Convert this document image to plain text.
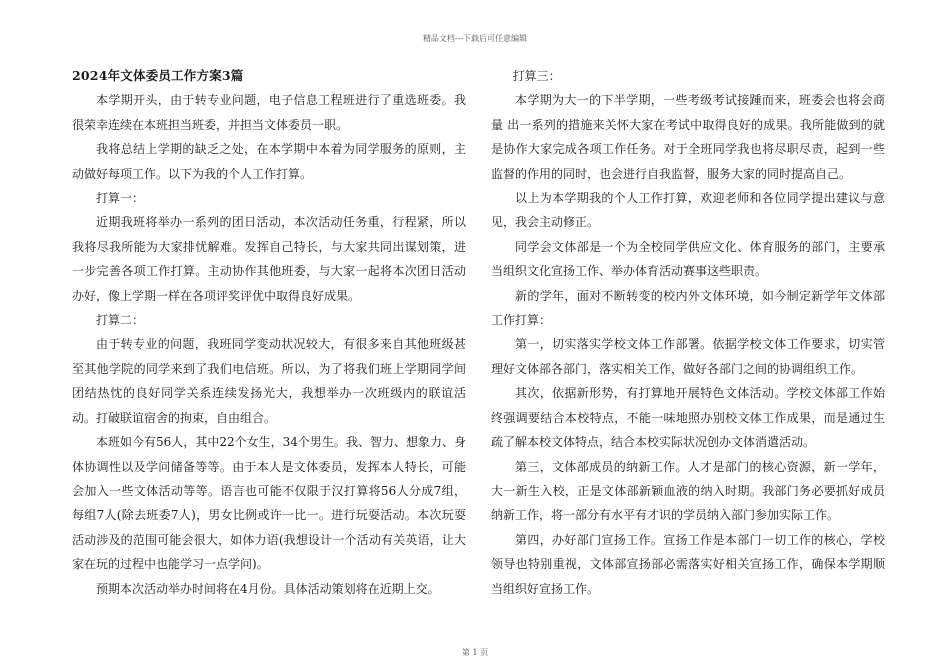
精品文档---下载后可任意编辑
2024年文体委员工作方案3篇

本学期开头，由于转专业问题，电子信息工程班进行了重选班委。我很荣幸连续在本班担当班委，并担当文体委员一职。

我将总结上学期的缺乏之处，在本学期中本着为同学服务的原则，主动做好每项工作。以下为我的个人工作打算。

打算一：

近期我班将举办一系列的团日活动，本次活动任务重，行程紧，所以我将尽我所能为大家排忧解难。发挥自己特长，与大家共同出谋划策，进一步完善各项工作打算。主动协作其他班委，与大家一起将本次团日活动办好，像上学期一样在各项评奖评优中取得良好成果。

打算二：

由于转专业的问题，我班同学变动状况较大，有很多来自其他班级甚至其他学院的同学来到了我们电信班。所以，为了将我们班上学期同学间团结热忱的良好同学关系连续发扬光大，我想举办一次班级内的联谊活动。打破联谊宿舍的拘束，自由组合。

本班如今有56人，其中22个女生，34个男生。我、智力、想象力、身体协调性以及学问储备等等。由于本人是文体委员，发挥本人特长，可能会加入一些文体活动等等。语言也可能不仅限于汉打算将56人分成7组，每组7人(除去班委7人)，男女比例或许一比一。进行玩耍活动。本次玩耍活动涉及的范围可能会很大，如体力语(我想设计一个活动有关英语，让大家在玩的过程中也能学习一点学问)。

预期本次活动举办时间将在4月份。具体活动策划将在近期上交。

打算三：

本学期为大一的下半学期，一些考级考试接踵而来，班委会也将会商量 出一系列的措施来关怀大家在考试中取得良好的成果。我所能做到的就是协作大家完成各项工作任务。对于全班同学我也将尽职尽责，起到一些监督的作用的同时，也会进行自我监督，服务大家的同时提高自己。

以上为本学期我的个人工作打算，欢迎老师和各位同学提出建议与意见，我会主动修正。

同学会文体部是一个为全校同学供应文化、体育服务的部门，主要承当组织文化宣扬工作、举办体育活动赛事这些职责。

新的学年，面对不断转变的校内外文体环境，如今制定新学年文体部工作打算：

第一，切实落实学校文体工作部署。依据学校文体工作要求，切实管理好文体部各部门，落实相关工作，做好各部门之间的协调组织工作。

其次，依据新形势，有打算地开展特色文体活动。学校文体部工作始终强调要结合本校特点，不能一味地照办别校文体工作成果，而是通过生疏了解本校文体特点，结合本校实际状况创办文体消遣活动。

第三，文体部成员的纳新工作。人才是部门的核心资源，新一学年，大一新生入校，正是文体部新颖血液的纳入时期。我部门务必要抓好成员纳新工作，将一部分有水平有才识的学员纳入部门参加实际工作。

第四，办好部门宣扬工作。宣扬工作是本部门一切工作的核心，学校领导也特别重视，文体部宣扬部必需落实好相关宣扬工作，确保本学期顺当组织好宣扬工作。

第 1 页
